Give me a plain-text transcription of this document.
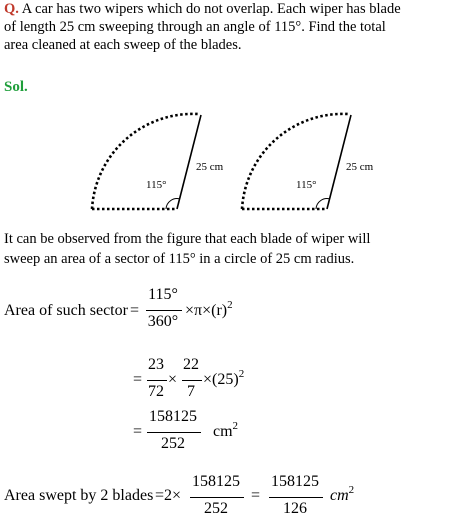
Q. A car has two wipers which do not overlap. Each wiper has blade
of length 25 cm sweeping through an angle of 115°. Find the total
area cleaned at each sweep of the blades.
Sol.
25 cm
115°
25 cm
115°
It can be observed from the figure that each blade of wiper will
sweep an area of a sector of 115° in a circle of 25 cm radius.
Area of such sector =
115°
360°
$\times\pi\times(r)^2$
=
23
72
×
22
7
$\times(25)^2$
=
158125
252
$cm^2$
Area swept by 2 blades =2×
158125
252
=
158125
126
$cm^2$
